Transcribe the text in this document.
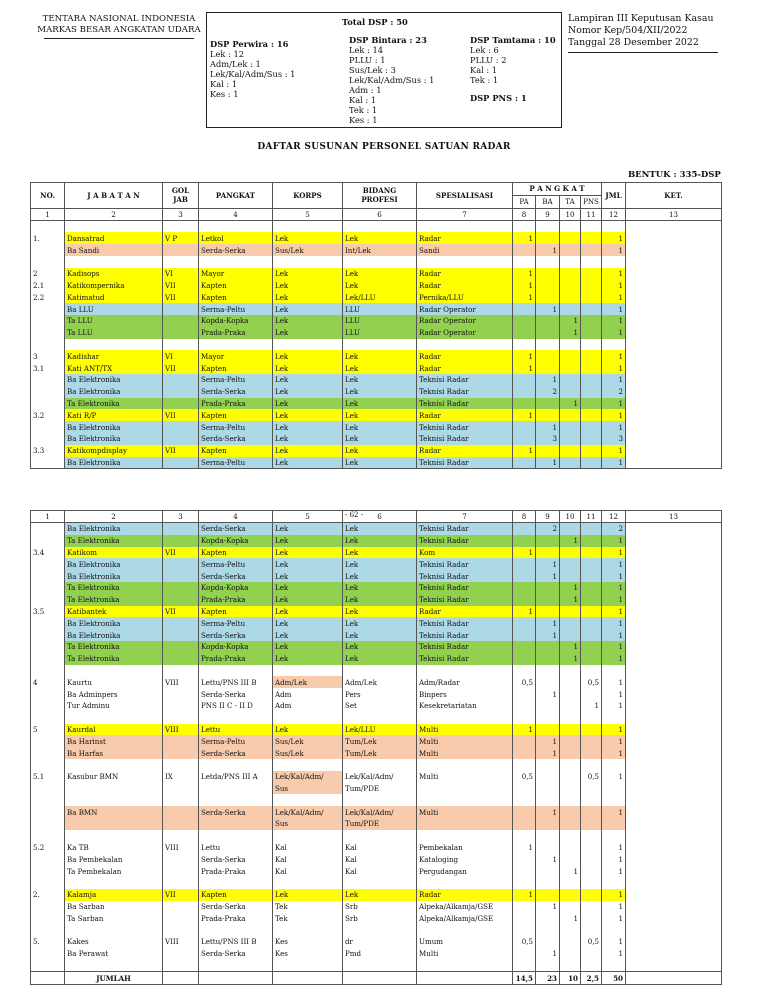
TENTARA NASIONAL INDONESIA
MARKAS BESAR ANGKATAN UDARA
Total DSP : 50
DSP Perwira : 16
Lek : 12
Adm/Lek : 1
Lek/Kal/Adm/Sus : 1
Kal : 1
Kes : 1
DSP Bintara : 23
Lek : 14
PLLU : 1
Sus/Lek : 3
Lek/Kal/Adm/Sus : 1
Adm : 1
Kal : 1
Tek : 1
Kes : 1
DSP Tamtama : 10
Lek : 6
PLLU : 2
Kal : 1
Tek : 1
DSP PNS : 1
Lampiran III Keputusan Kasau
Nomor Kep/504/XII/2022
Tanggal 28 Desember 2022
DAFTAR SUSUNAN PERSONEL SATUAN RADAR
BENTUK : 335-DSP
NO.	J A B A T A N	GOL JAB	PANGKAT	KORPS	BIDANG PROFESI	SPESIALISASI	P A N G K A T				JML	KET.
							PA	BA	TA	PNS		
1	2	3	4	5	6	7	8	9	10	11	12	13

1.	Dansatrad	V P	Letkol	Lek	Lek	Radar	1				1	
	Ba Sandi		Serda-Serka	Sus/Lek	Int/Lek	Sandi		1			1	

2	Kadisops	VI	Mayor	Lek	Lek	Radar	1				1	
2.1	Katikompernika	VII	Kapten	Lek	Lek	Radar	1				1	
2.2	Katimatud	VII	Kapten	Lek	Lek/LLU	Pernika/LLU	1				1	
	Ba LLU		Serma-Peltu	Lek	LLU	Radar Operator		1			1	
	Ta LLU		Kopda-Kopka	Lek	LLU	Radar Operator			1		1	
	Ta LLU		Prada-Praka	Lek	LLU	Radar Operator			1		1	

3	Kadishar	VI	Mayor	Lek	Lek	Radar	1				1	
3.1	Kati ANT/TX	VII	Kapten	Lek	Lek	Radar	1				1	
	Ba Elektronika		Serma-Peltu	Lek	Lek	Teknisi Radar		1			1	
	Ba Elektronika		Serda-Serka	Lek	Lek	Teknisi Radar		2			2	
	Ta Elektronika		Prada-Praka	Lek	Lek	Teknisi Radar			1		1	
3.2	Kati R/P	VII	Kapten	Lek	Lek	Radar	1				1	
	Ba Elektronika		Serma-Peltu	Lek	Lek	Teknisi Radar		1			1	
	Ba Elektronika		Serda-Serka	Lek	Lek	Teknisi Radar		3			3	
3.3	Katikompdisplay	VII	Kapten	Lek	Lek	Radar	1				1	
	Ba Elektronika		Serma-Peltu	Lek	Lek	Teknisi Radar		1			1	
1	2	3	4	5	6	7	8	9	10	11	12	13
	Ba Elektronika		Serda-Serka	Lek	Lek	Teknisi Radar		2			2	
	Ta Elektronika		Kopda-Kopka	Lek	Lek	Teknisi Radar			1		1	
3.4	Katikom	VII	Kapten	Lek	Lek	Kom	1				1	
	Ba Elektronika		Serma-Peltu	Lek	Lek	Teknisi Radar		1			1	
	Ba Elektronika		Serda-Serka	Lek	Lek	Teknisi Radar		1			1	
	Ta Elektronika		Kopda-Kopka	Lek	Lek	Teknisi Radar			1		1	
	Ta Elektronika		Prada-Praka	Lek	Lek	Teknisi Radar			1		1	
3.5	Katibantek	VII	Kapten	Lek	Lek	Radar	1				1	
	Ba Elektronika		Serma-Peltu	Lek	Lek	Teknisi Radar		1			1	
	Ba Elektronika		Serda-Serka	Lek	Lek	Teknisi Radar		1			1	
	Ta Elektronika		Kopda-Kopka	Lek	Lek	Teknisi Radar			1		1	
	Ta Elektronika		Prada-Praka	Lek	Lek	Teknisi Radar			1		1	

4	Kaurtu	VIII	Lettu/PNS III B	Adm/Lek	Adm/Lek	Adm/Radar	0,5			0,5	1	
	Ba Adminpers		Serda-Serka	Adm	Pers	Binpers		1			1	
	Tur Adminu		PNS II C - II D	Adm	Set	Kesekretariatan				1	1	

5	Kaurdal	VIII	Lettu	Lek	Lek/LLU	Multi	1				1	
	Ba Harinst		Serma-Peltu	Sus/Lek	Tum/Lek	Multi		1			1	
	Ba Harfas		Serda-Serka	Sus/Lek	Tum/Lek	Multi		1			1	

5.1	Kasubur BMN	IX	Letda/PNS III A	Lek/Kal/Adm/	Lek/Kal/Adm/	Multi	0,5			0,5	1	
				Sus	Tum/PDE							

	Ba BMN		Serda-Serka	Lek/Kal/Adm/	Lek/Kal/Adm/	Multi		1			1	
				Sus	Tum/PDE							

5.2	Ka TB	VIII	Lettu	Kal	Kal	Pembekalan	1				1	
	Ba Pembekalan		Serda-Serka	Kal	Kal	Kataloging		1			1	
	Ta Pembekalan		Prada-Praka	Kal	Kal	Pergudangan			1		1	

2.	Kalamja	VII	Kapten	Lek	Lek	Radar	1				1	
	Ba Sarban		Serda-Serka	Tek	Srb	Alpeka/Alkamja/GSE		1			1	
	Ta Sarban		Prada-Praka	Tek	Srb	Alpeka/Alkamja/GSE			1		1	

5.	Kakes	VIII	Lettu/PNS III B	Kes	dr	Umum	0,5			0,5	1	
	Ba Perawat		Serda-Serka	Kes	Pmd	Multi		1			1	

	JUMLAH						14,5	23	10	2,5	50	
- 62 -
